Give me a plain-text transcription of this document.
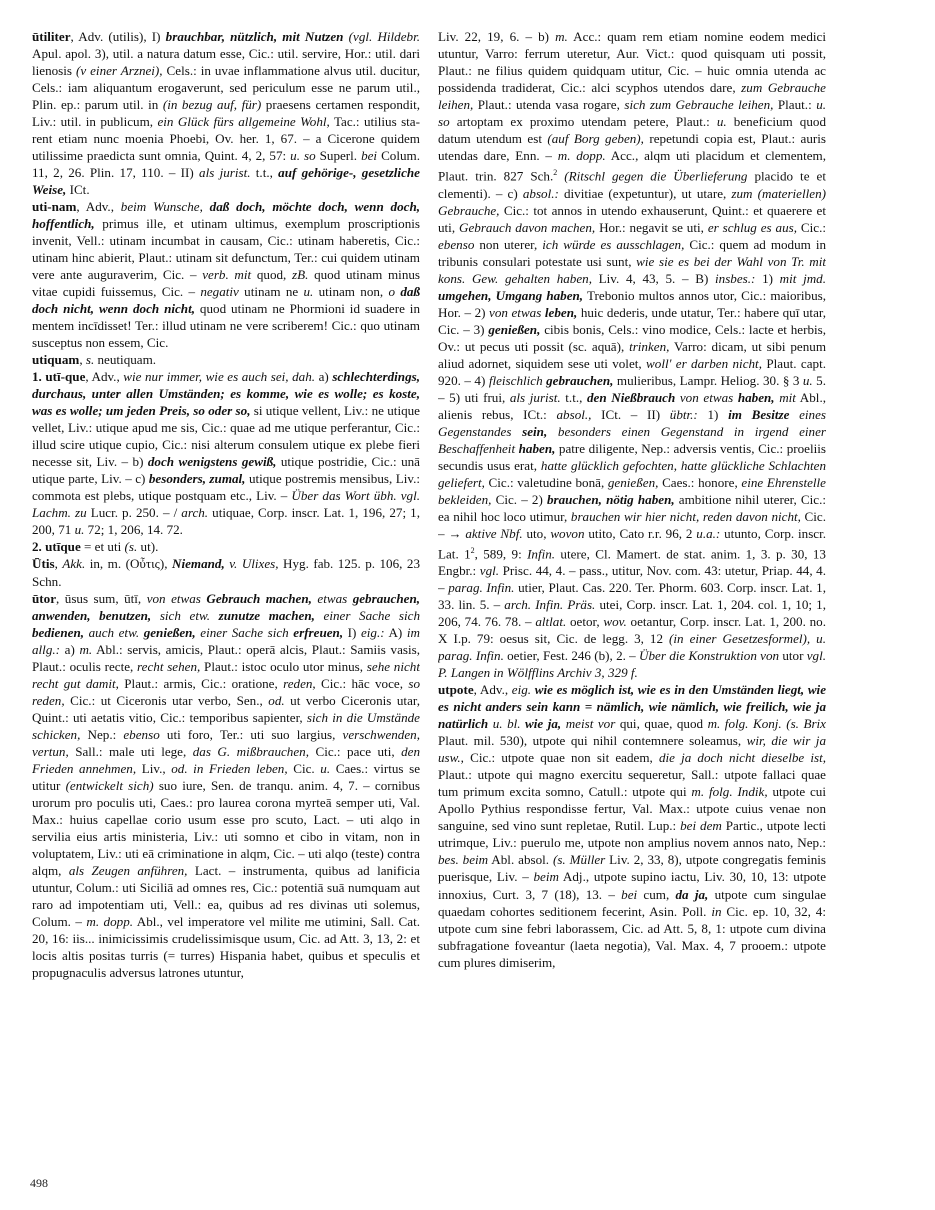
ūtiliter, Adv. (utilis), I) brauchbar, nützlich, mit Nutzen (vgl. Hildebr. Apul. apol. 3), util. a natura datum esse, Cic.: util. servire, Hor.: util. dari lienosis (v einer Arznei), Cels.: in uvae inflammatione alvus util. ducitur, Cels.: iam aliquantum erogaverunt, sed periculum esse ne parum util., Plin. ep.: parum util. in (in bezug auf, für) praesens certamen respondit, Liv.: util. in publicum, ein Glück fürs allgemeine Wohl, Tac.: utilius starent etiam nunc moenia Phoebi, Ov. her. 1, 67. – a Cicerone quidem utilissime praedicta sunt omnia, Quint. 4, 2, 57: u. so Superl. bei Colum. 11, 2, 26. Plin. 17, 110. – II) als jurist. t.t., auf gehörige-, gesetzliche Weise, ICt.

uti-nam, Adv., beim Wunsche, daß doch, möchte doch, wenn doch, hoffentlich, primus ille, et utinam ultimus, exemplum proscriptionis invenit, Vell.: utinam incumbat in causam, Cic.: utinam haberetis, Cic.: utinam hinc abierit, Plaut.: utinam sit defunctum, Ter.: cui quidem utinam vere ante auguraverim, Cic. – verb. mit quod, zB. quod utinam minus vitae cupidi fuissemus, Cic. – negativ utinam ne u. utinam non, o daß doch nicht, wenn doch nicht, quod utinam ne Phormioni id suadere in mentem incīdisset! Ter.: illud utinam ne vere scriberem! Cic.: quo utinam susceptus non essem, Cic.

utiquam, s. neutiquam.

1. utī-que, Adv., wie nur immer, wie es auch sei, dah. a) schlechterdings, durchaus, unter allen Umständen; es komme, wie es wolle; es koste, was es wolle; um jeden Preis, so oder so, si utique vellent, Liv.: ne utique vellet, Liv.: utique apud me sis, Cic.: quae ad me utique perferantur, Cic.: illud scire utique cupio, Cic.: nisi alterum consulem utique ex plebe fieri necesse sit, Liv. – b) doch wenigstens gewiß, utique postridie, Cic.: unā utique parte, Liv. – c) besonders, zumal, utique postremis mensibus, Liv.: commota est plebs, utique postquam etc., Liv. – Über das Wort übh. vgl. Lachm. zu Lucr. p. 250. – / arch. utiquae, Corp. inscr. Lat. 1, 196, 27; 1, 200, 71 u. 72; 1, 206, 14. 72.

2. utīque = et uti (s. ut).

Ūtis, Akk. in, m. (Οὖτις), Niemand, v. Ulixes, Hyg. fab. 125. p. 106, 23 Schn.

ūtor, ūsus sum, ūtī, von etwas Gebrauch machen, etwas gebrauchen, anwenden, benutzen, sich etw. zunutze machen, einer Sache sich bedienen, auch etw. genießen, einer Sache sich erfreuen, I) eig.: A) im allg.: a) m. Abl.: servis, amicis, Plaut.: operā alcis, Plaut.: Samiis vasis, Plaut.: oculis recte, recht sehen, Plaut.: istoc oculo utor minus, sehe nicht recht gut damit, Plaut.: armis, Cic.: oratione, reden, Cic.: hāc voce, so reden, Cic.: ut Ciceronis utar verbo, Sen., od. ut verbo Ciceronis utar, Quint.: uti aetatis vitio, Cic.: temporibus sapienter, sich in die Umstände schicken, Nep.: ebenso uti foro, Ter.: uti suo largius, verschwenden, vertun, Sall.: male uti lege, das G. mißbrauchen, Cic.: pace uti, den Frieden annehmen, Liv., od. in Frieden leben, Cic. u. Caes.: virtus se utitur (entwickelt sich) suo iure, Sen. de tranqu. anim. 4, 7. – cornibus urorum pro poculis uti, Caes.: pro laurea corona myrteā semper uti, Val. Max.: huius capellae corio usum esse pro scuto, Lact. – uti alqo in servilia eius artis ministeria, Liv.: uti somno et cibo in vitam, non in voluptatem, Liv.: uti eā criminatione in alqm, Cic. – uti alqo (teste) contra alqm, als Zeugen anführen, Lact. – instrumenta, quibus ad lanificia utuntur, Colum.: uti Siciliā ad omnes res, Cic.: potentiā suā numquam aut raro ad impotentiam uti, Vell.: ea, quibus ad res divinas uti solemus, Colum. – m. dopp. Abl., vel imperatore vel milite me utimini, Sall. Cat. 20, 16: iis... inimicissimis crudelissimisque usum, Cic. ad Att. 3, 13, 2: et locis altis positas turris (= turres) Hispania habet, quibus et speculis et propugnaculis adversus latrones utuntur,

Liv. 22, 19, 6. – b) m. Acc.: quam rem etiam nomine eodem medici utuntur, Varro: ferrum uteretur, Aur. Vict.: quod quisquam uti possit, Plaut.: ne filius quidem quidquam utitur, Cic. – huic omnia utenda ac possidenda tradiderat, Cic.: alci scyphos utendos dare, zum Gebrauche leihen, Plaut.: utenda vasa rogare, sich zum Gebrauche leihen, Plaut.: u. so artoptam ex proximo utendam petere, Plaut.: u. beneficium quod datum utendum est (auf Borg geben), repetundi copia est, Plaut.: auris utendas dare, Enn. – m. dopp. Acc., alqm uti placidum et clementem, Plaut. trin. 827 Sch.$^2$ (Ritschl gegen die Überlieferung placido te et clementi). – c) absol.: divitiae (expetuntur), ut utare, zum (materiellen) Gebrauche, Cic.: tot annos in utendo exhauserunt, Quint.: et quaerere et uti, Gebrauch davon machen, Hor.: negavit se uti, er schlug es aus, Cic.: ebenso non uterer, ich würde es ausschlagen, Cic.: quem ad modum in tribunis consulari potestate usi sunt, wie sie es bei der Wahl von Tr. mit kons. Gew. gehalten haben, Liv. 4, 43, 5. – B) insbes.: 1) mit jmd. umgehen, Umgang haben, Trebonio multos annos utor, Cic.: maioribus, Hor. – 2) von etwas leben, huic dederis, unde utatur, Ter.: habere quī utar, Cic. – 3) genießen, cibis bonis, Cels.: vino modice, Cels.: lacte et herbis, Ov.: ut pecus uti possit (sc. aquā), trinken, Varro: dicam, ut sibi penum aliud adornet, siquidem sese uti volet, woll' er darben nicht, Plaut. capt. 920. – 4) fleischlich gebrauchen, mulieribus, Lampr. Heliog. 30. § 3 u. 5. – 5) uti frui, als jurist. t.t., den Nießbrauch von etwas haben, mit Abl., alienis rebus, ICt.: absol., ICt. – II) übtr.: 1) im Besitze eines Gegenstandes sein, besonders einen Gegenstand in irgend einer Beschaffenheit haben, patre diligente, Nep.: adversis ventis, Cic.: proeliis secundis usus erat, hatte glücklich gefochten, hatte glückliche Schlachten geliefert, Cic.: valetudine bonā, genießen, Caes.: honore, eine Ehrenstelle bekleiden, Cic. – 2) brauchen, nötig haben, ambitione nihil uterer, Cic.: ea nihil hoc loco utimur, brauchen wir hier nicht, reden davon nicht, Cic. – → aktive Nbf. uto, wovon utito, Cato r.r. 96, 2 u.a.: utunto, Corp. inscr. Lat. $1^2$, 589, 9: Infin. utere, Cl. Mamert. de stat. anim. 1, 3. p. 30, 13 Engbr.: vgl. Prisc. 44, 4. – pass., utitur, Nov. com. 43: utetur, Priap. 44, 4. – parag. Infin. utier, Plaut. Cas. 220. Ter. Phorm. 603. Corp. inscr. Lat. 1, 33. lin. 5. – arch. Infin. Präs. utei, Corp. inscr. Lat. 1, 204. col. 1, 10; 1, 206, 74. 76. 78. – altlat. oetor, wov. oetantur, Corp. inscr. Lat. 1, 200. no. X I.p. 79: oesus sit, Cic. de legg. 3, 12 (in einer Gesetzesformel), u. parag. Infin. oetier, Fest. 246 (b), 2. – Über die Konstruktion von utor vgl. P. Langen in Wölfflins Archiv 3, 329 f.

utpote, Adv., eig. wie es möglich ist, wie es in den Umständen liegt, wie es nicht anders sein kann = nämlich, wie nämlich, wie freilich, wie ja natürlich u. bl. wie ja, meist vor qui, quae, quod m. folg. Konj. (s. Brix Plaut. mil. 530), utpote qui nihil contemnere soleamus, wir, die wir ja usw., Cic.: utpote quae non sit eadem, die ja doch nicht dieselbe ist, Plaut.: utpote qui magno exercitu sequeretur, Sall.: utpote fallaci quae tum primum excita somno, Catull.: utpote qui m. folg. Indik, utpote cui Apollo Pythius respondisse fertur, Val. Max.: utpote cuius venae non sanguine, sed vino sunt repletae, Rutil. Lup.: bei dem Partic., utpote lecti utrimque, Liv.: puerulo me, utpote non amplius novem annos nato, Nep.: bes. beim Abl. absol. (s. Müller Liv. 2, 33, 8), utpote congregatis feminis puerisque, Liv. – beim Adj., utpote supino iactu, Liv. 30, 10, 13: utpote innoxius, Curt. 3, 7 (18), 13. – bei cum, da ja, utpote cum singulae quaedam cohortes seditionem fecerint, Asin. Poll. in Cic. ep. 10, 32, 4: utpote cum sine febri laborassem, Cic. ad Att. 5, 8, 1: utpote cum divina subfragatione foveantur (laeta negotia), Val. Max. 4, 7 prooem.: utpote cum plures dimiserim,

498
